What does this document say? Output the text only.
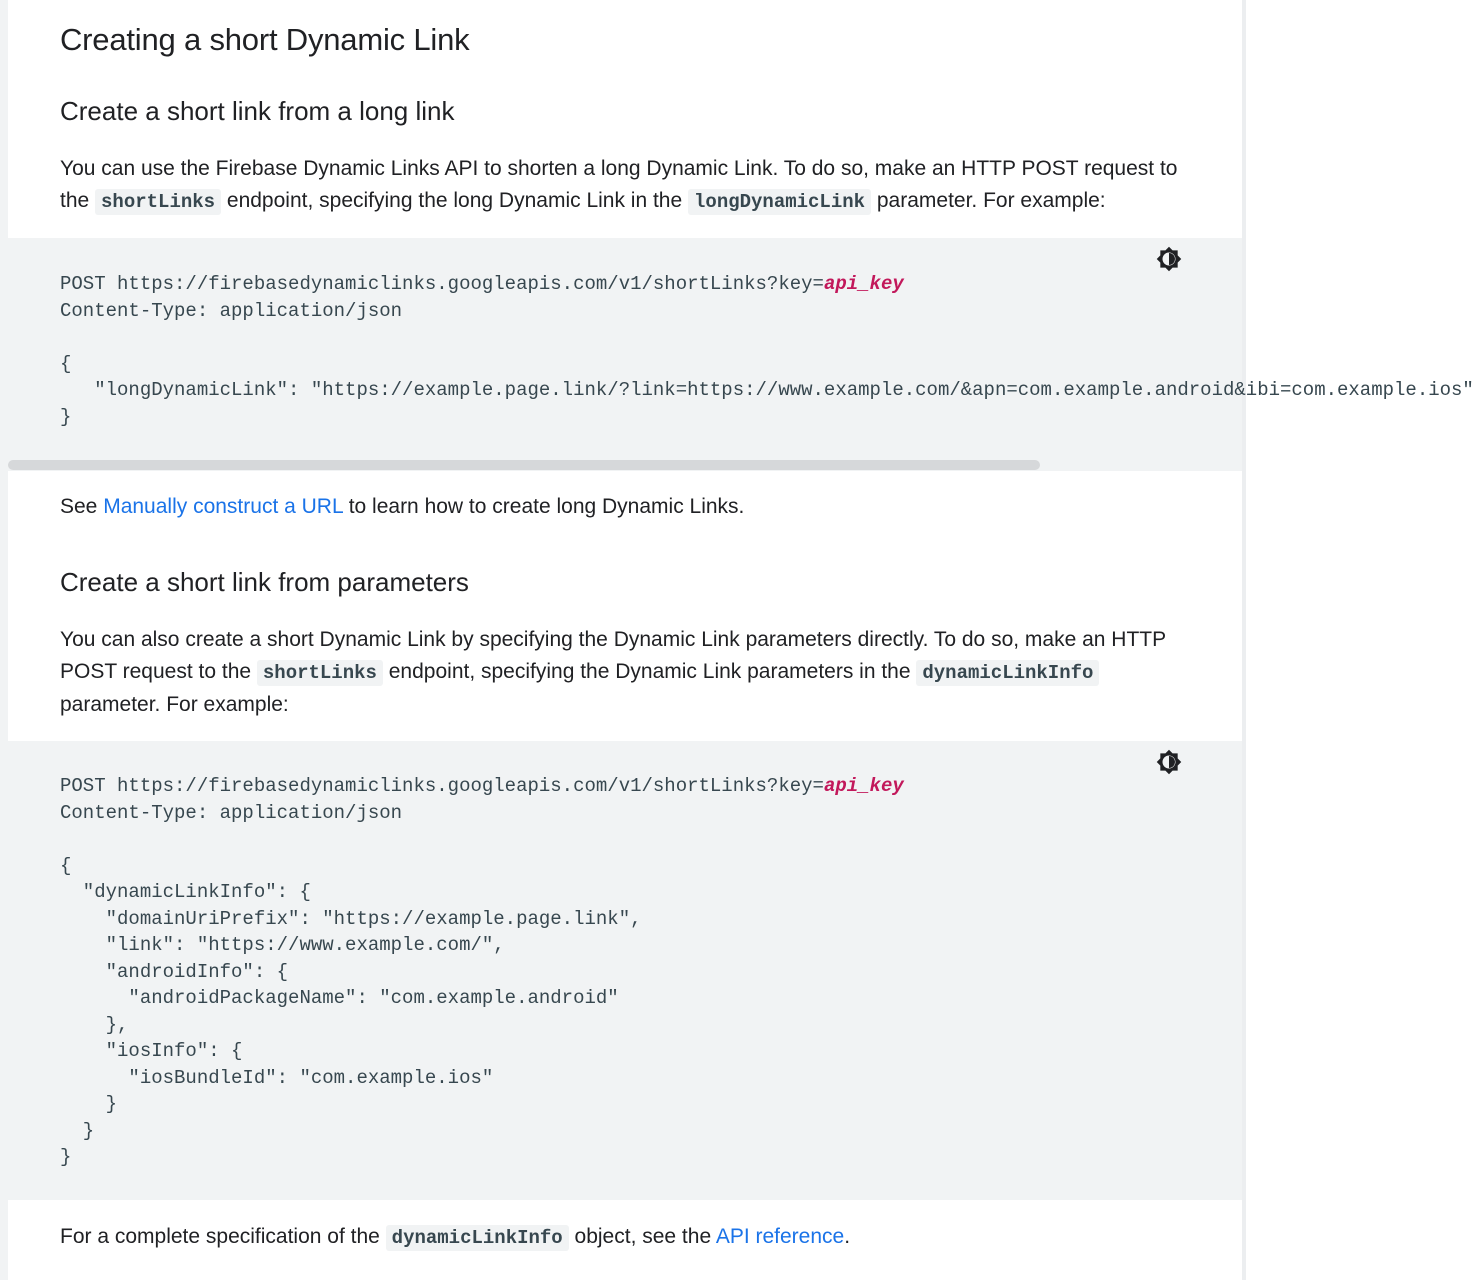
Creating a short Dynamic Link
Create a short link from a long link

You can use the Firebase Dynamic Links API to shorten a long Dynamic Link. To do so, make an HTTP POST request to the shortLinks endpoint, specifying the long Dynamic Link in the longDynamicLink parameter. For example:

POST https://firebasedynamiclinks.googleapis.com/v1/shortLinks?key=api_key
Content-Type: application/json

{
"longDynamicLink": "https://example.page.link/?link=https://www.example.com/&apn=com.example.android&ibi=com.example.ios"
}

See Manually construct a URL to learn how to create long Dynamic Links.

Create a short link from parameters

You can also create a short Dynamic Link by specifying the Dynamic Link parameters directly. To do so, make an HTTP POST request to the shortLinks endpoint, specifying the Dynamic Link parameters in the dynamicLinkInfo parameter. For example:

POST https://firebasedynamiclinks.googleapis.com/v1/shortLinks?key=api_key
Content-Type: application/json

{
"dynamicLinkInfo": {
"domainUriPrefix": "https://example.page.link",
"link": "https://www.example.com/",
"androidInfo": {
"androidPackageName": "com.example.android"
},
"iosInfo": {
"iosBundleId": "com.example.ios"
}
}
}

For a complete specification of the dynamicLinkInfo object, see the API reference.
